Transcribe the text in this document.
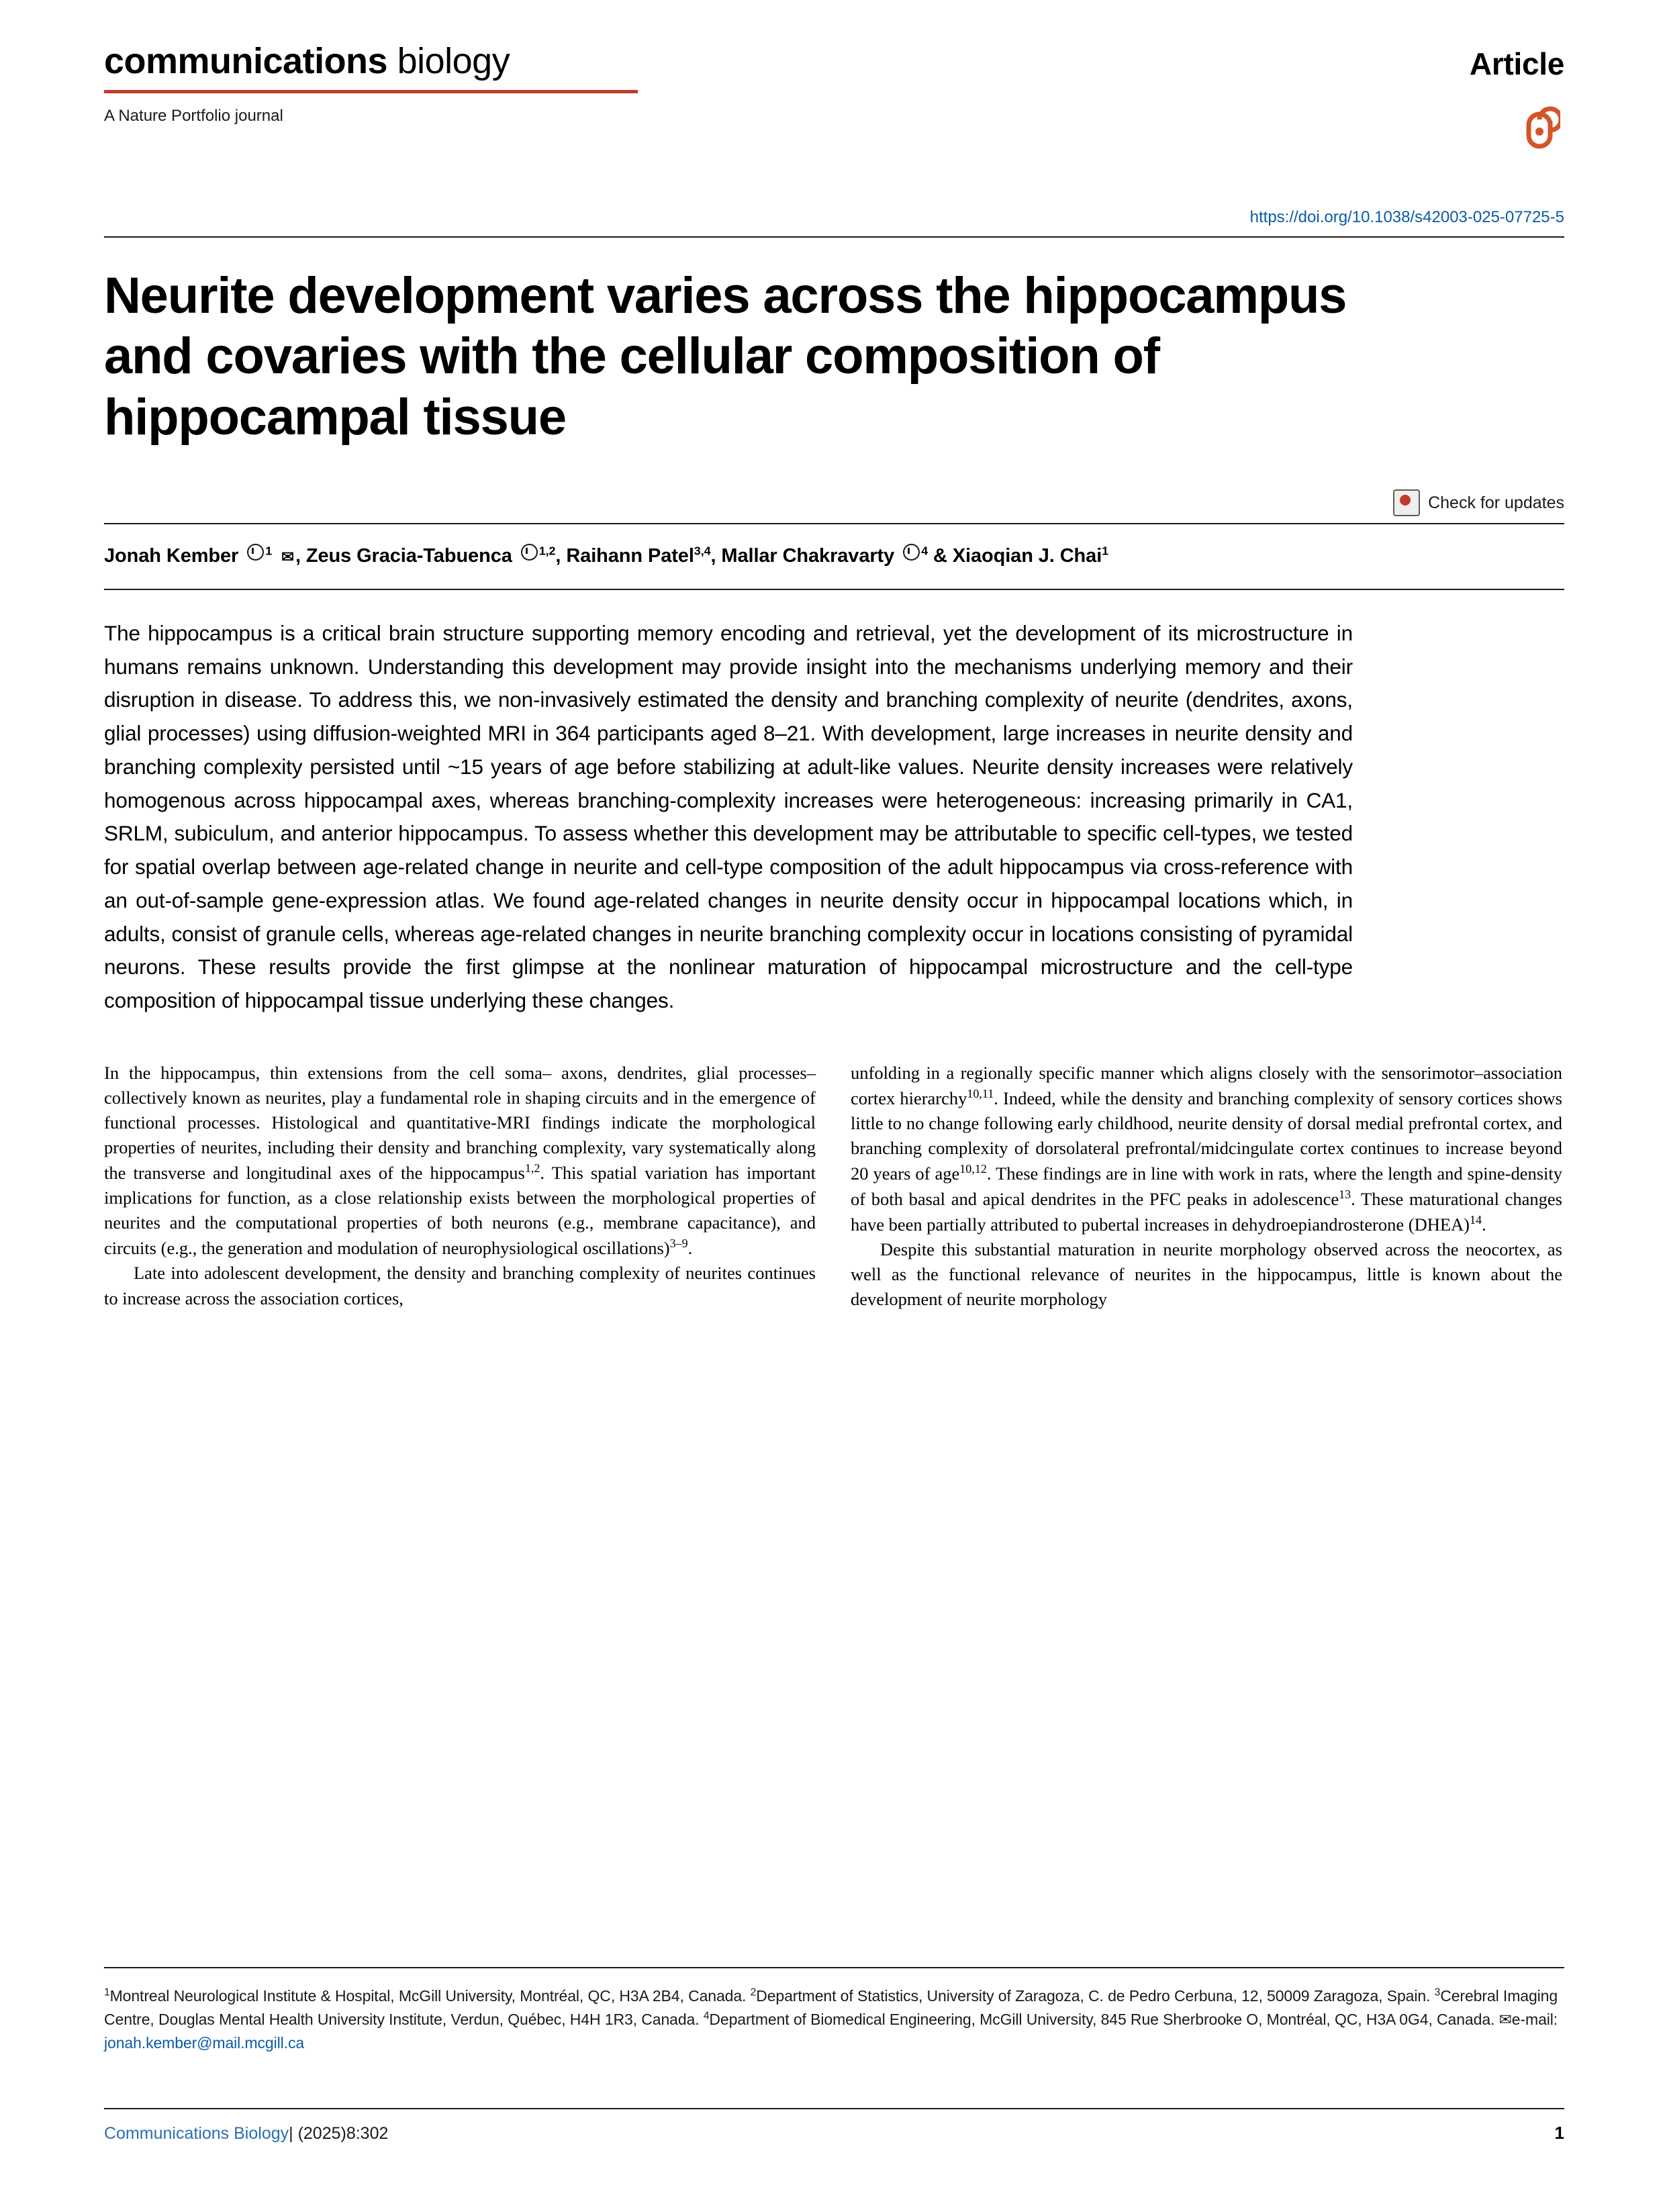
communications biology
A Nature Portfolio journal
Article
https://doi.org/10.1038/s42003-025-07725-5
Neurite development varies across the hippocampus and covaries with the cellular composition of hippocampal tissue
Check for updates
Jonah Kember $^1$ ✉, Zeus Gracia-Tabuenca $^{1,2}$, Raihann Patel$^{3,4}$, Mallar Chakravarty $^4$ & Xiaoqian J. Chai$^1$
The hippocampus is a critical brain structure supporting memory encoding and retrieval, yet the development of its microstructure in humans remains unknown. Understanding this development may provide insight into the mechanisms underlying memory and their disruption in disease. To address this, we non-invasively estimated the density and branching complexity of neurite (dendrites, axons, glial processes) using diffusion-weighted MRI in 364 participants aged 8–21. With development, large increases in neurite density and branching complexity persisted until ~15 years of age before stabilizing at adult-like values. Neurite density increases were relatively homogenous across hippocampal axes, whereas branching-complexity increases were heterogeneous: increasing primarily in CA1, SRLM, subiculum, and anterior hippocampus. To assess whether this development may be attributable to specific cell-types, we tested for spatial overlap between age-related change in neurite and cell-type composition of the adult hippocampus via cross-reference with an out-of-sample gene-expression atlas. We found age-related changes in neurite density occur in hippocampal locations which, in adults, consist of granule cells, whereas age-related changes in neurite branching complexity occur in locations consisting of pyramidal neurons. These results provide the first glimpse at the nonlinear maturation of hippocampal microstructure and the cell-type composition of hippocampal tissue underlying these changes.

In the hippocampus, thin extensions from the cell soma– axons, dendrites, glial processes– collectively known as neurites, play a fundamental role in shaping circuits and in the emergence of functional processes. Histological and quantitative-MRI findings indicate the morphological properties of neurites, including their density and branching complexity, vary systematically along the transverse and longitudinal axes of the hippocampus$^{1,2}$. This spatial variation has important implications for function, as a close relationship exists between the morphological properties of neurites and the computational properties of both neurons (e.g., membrane capacitance), and circuits (e.g., the generation and modulation of neurophysiological oscillations)$^{3-9}$.

Late into adolescent development, the density and branching complexity of neurites continues to increase across the association cortices,

unfolding in a regionally specific manner which aligns closely with the sensorimotor–association cortex hierarchy$^{10,11}$. Indeed, while the density and branching complexity of sensory cortices shows little to no change following early childhood, neurite density of dorsal medial prefrontal cortex, and branching complexity of dorsolateral prefrontal/midcingulate cortex continues to increase beyond 20 years of age$^{10,12}$. These findings are in line with work in rats, where the length and spine-density of both basal and apical dendrites in the PFC peaks in adolescence$^{13}$. These maturational changes have been partially attributed to pubertal increases in dehydroepiandrosterone (DHEA)$^{14}$.

Despite this substantial maturation in neurite morphology observed across the neocortex, as well as the functional relevance of neurites in the hippocampus, little is known about the development of neurite morphology

$^1$Montreal Neurological Institute & Hospital, McGill University, Montréal, QC, H3A 2B4, Canada. $^2$Department of Statistics, University of Zaragoza, C. de Pedro Cerbuna, 12, 50009 Zaragoza, Spain. $^3$Cerebral Imaging Centre, Douglas Mental Health University Institute, Verdun, Québec, H4H 1R3, Canada. $^4$Department of Biomedical Engineering, McGill University, 845 Rue Sherbrooke O, Montréal, QC, H3A 0G4, Canada. ✉e-mail: jonah.kember@mail.mcgill.ca
Communications Biology| (2025)8:302	1
